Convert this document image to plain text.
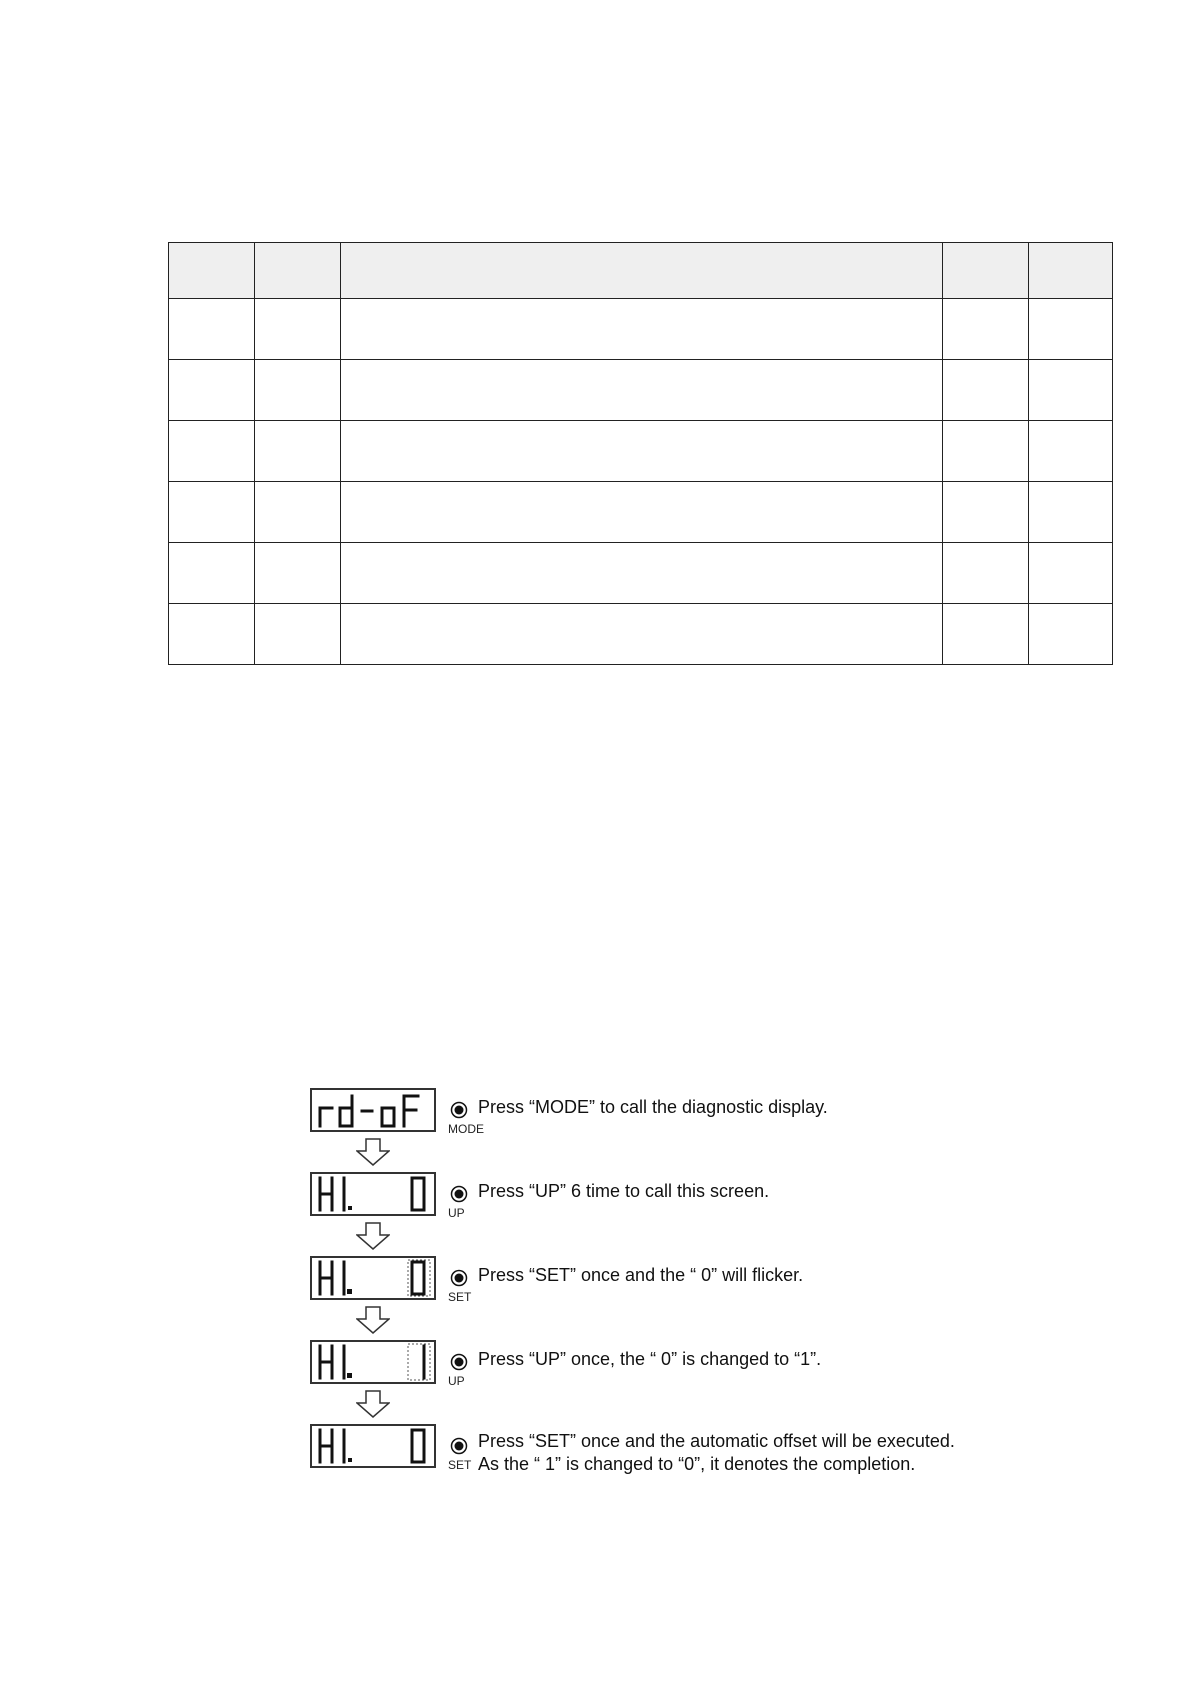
MODE
Press “MODE” to call the diagnostic display.
UP
Press “UP” 6 time to call this screen.
SET
Press “SET” once and the “ 0” will flicker.
UP
Press “UP” once, the “ 0” is changed to “1”.
SET
Press “SET” once and the automatic offset will be executed.
As the “ 1” is changed to “0”, it denotes the completion.
